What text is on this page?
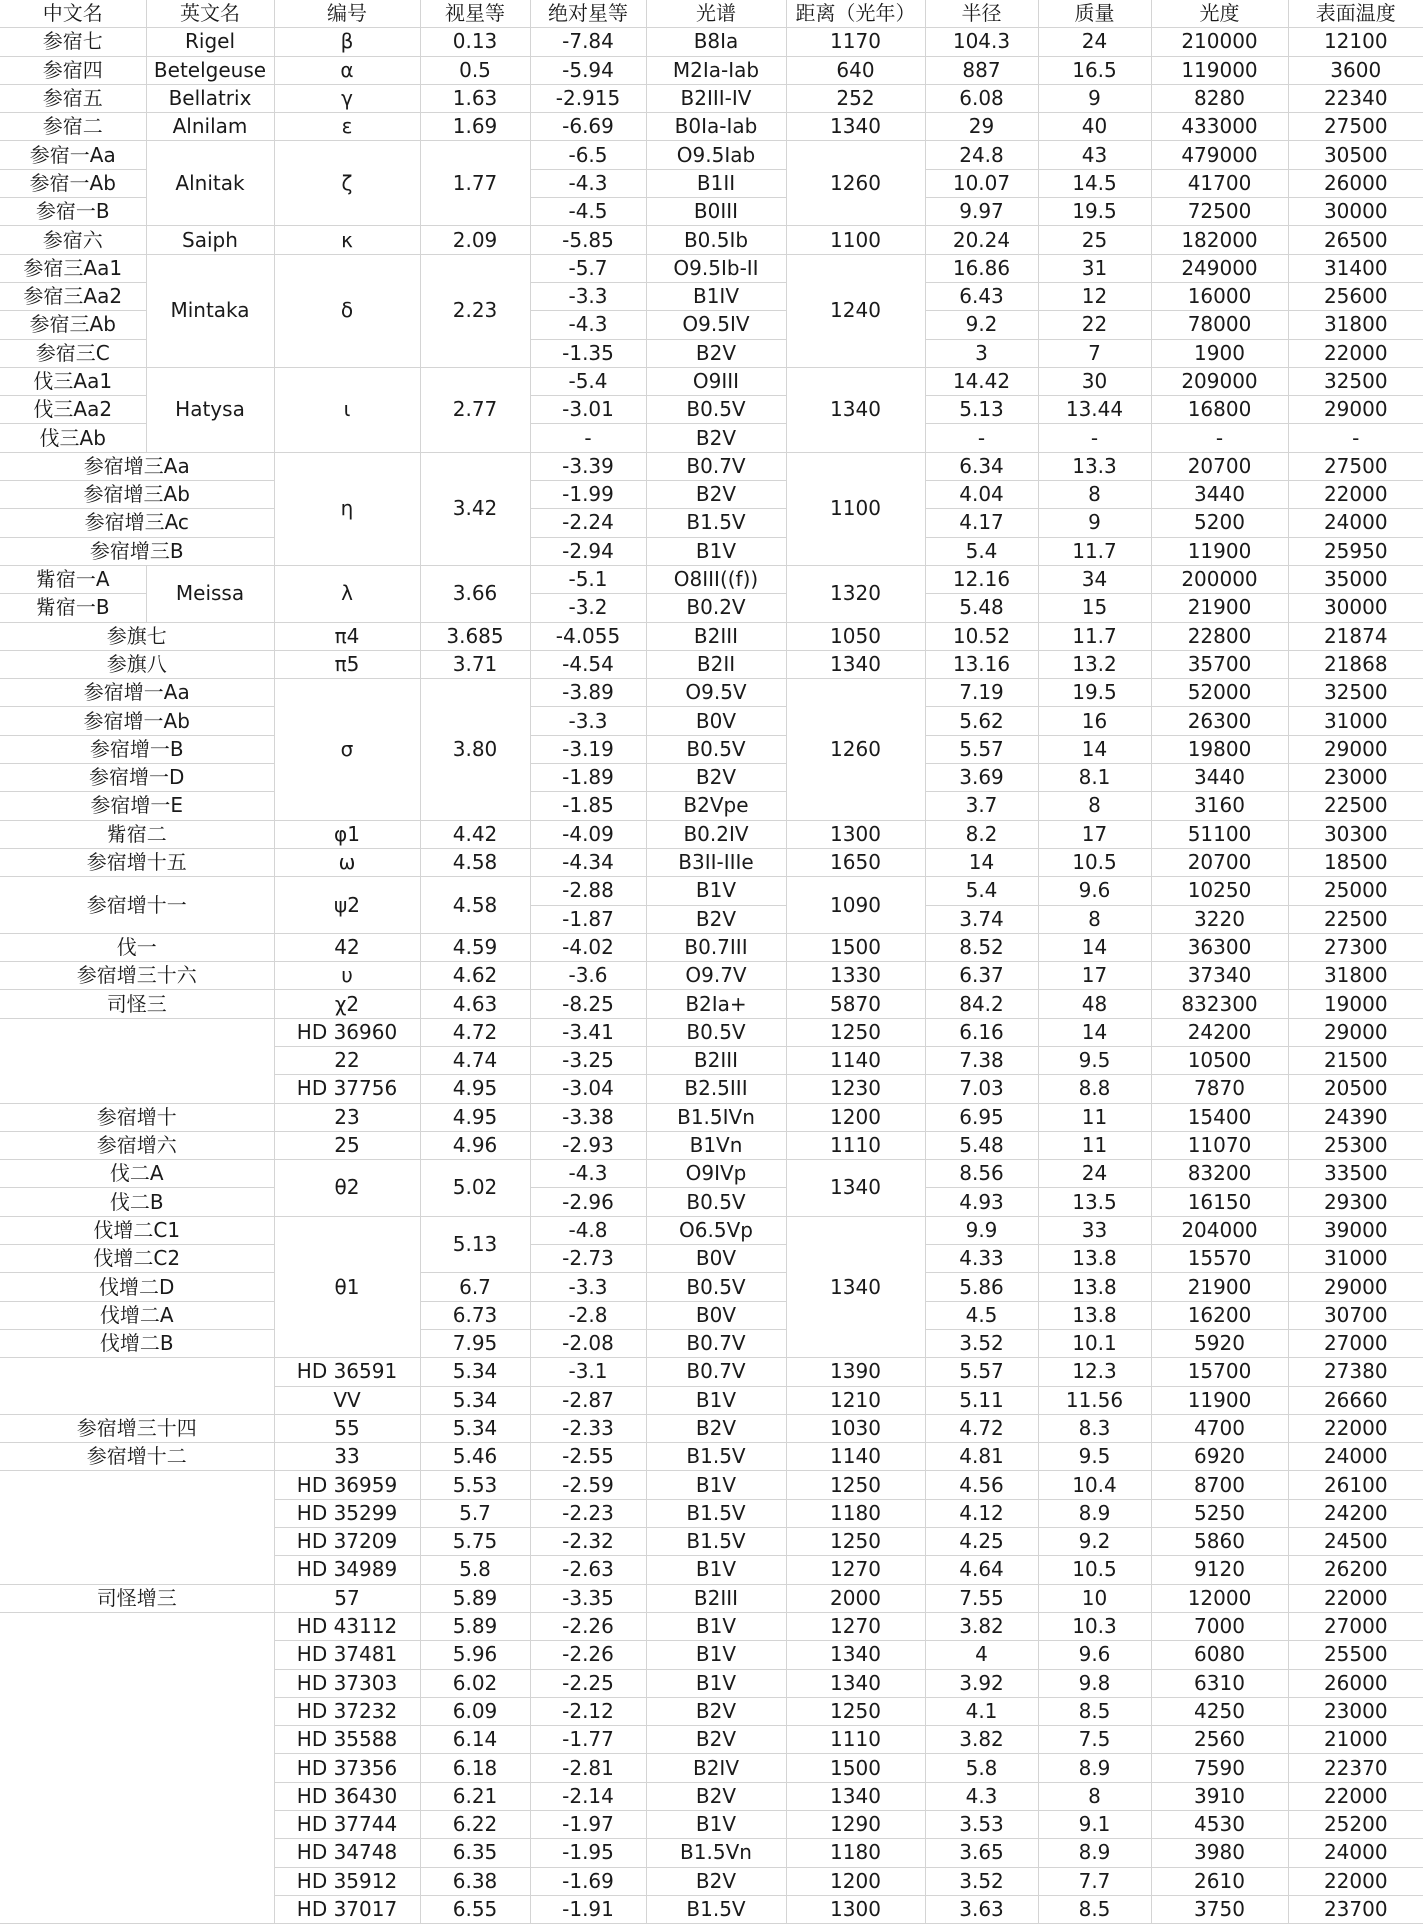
中文名	英文名	编号	视星等	绝对星等	光谱	距离（光年）	半径	质量	光度	表面温度
参宿七	Rigel	β	0.13	-7.84	B8Ia	1170	104.3	24	210000	12100
参宿四	Betelgeuse	α	0.5	-5.94	M2Ia-Iab	640	887	16.5	119000	3600
参宿五	Bellatrix	γ	1.63	-2.915	B2III-IV	252	6.08	9	8280	22340
参宿二	Alnilam	ε	1.69	-6.69	B0Ia-Iab	1340	29	40	433000	27500
参宿一Aa	Alnitak	ζ	1.77	-6.5	O9.5Iab	1260	24.8	43	479000	30500
参宿一Ab				-4.3	B1II		10.07	14.5	41700	26000
参宿一B				-4.5	B0III		9.97	19.5	72500	30000
参宿六	Saiph	κ	2.09	-5.85	B0.5Ib	1100	20.24	25	182000	26500
参宿三Aa1	Mintaka	δ	2.23	-5.7	O9.5Ib-II	1240	16.86	31	249000	31400
参宿三Aa2				-3.3	B1IV		6.43	12	16000	25600
参宿三Ab				-4.3	O9.5IV		9.2	22	78000	31800
参宿三C				-1.35	B2V		3	7	1900	22000
伐三Aa1	Hatysa	ι	2.77	-5.4	O9III	1340	14.42	30	209000	32500
伐三Aa2				-3.01	B0.5V		5.13	13.44	16800	29000
伐三Ab				-	B2V		-	-	-	-
参宿增三Aa		η	3.42	-3.39	B0.7V	1100	6.34	13.3	20700	27500
参宿增三Ab				-1.99	B2V		4.04	8	3440	22000
参宿增三Ac				-2.24	B1.5V		4.17	9	5200	24000
参宿增三B				-2.94	B1V		5.4	11.7	11900	25950
觜宿一A	Meissa	λ	3.66	-5.1	O8III((f))	1320	12.16	34	200000	35000
觜宿一B				-3.2	B0.2V		5.48	15	21900	30000
参旗七		π4	3.685	-4.055	B2III	1050	10.52	11.7	22800	21874
参旗八		π5	3.71	-4.54	B2II	1340	13.16	13.2	35700	21868
参宿增一Aa		σ	3.80	-3.89	O9.5V	1260	7.19	19.5	52000	32500
参宿增一Ab				-3.3	B0V		5.62	16	26300	31000
参宿增一B				-3.19	B0.5V		5.57	14	19800	29000
参宿增一D				-1.89	B2V		3.69	8.1	3440	23000
参宿增一E				-1.85	B2Vpe		3.7	8	3160	22500
觜宿二		φ1	4.42	-4.09	B0.2IV	1300	8.2	17	51100	30300
参宿增十五		ω	4.58	-4.34	B3II-IIIe	1650	14	10.5	20700	18500
参宿增十一		ψ2	4.58	-2.88	B1V	1090	5.4	9.6	10250	25000
				-1.87	B2V		3.74	8	3220	22500
伐一		42	4.59	-4.02	B0.7III	1500	8.52	14	36300	27300
参宿增三十六		υ	4.62	-3.6	O9.7V	1330	6.37	17	37340	31800
司怪三		χ2	4.63	-8.25	B2Ia+	5870	84.2	48	832300	19000
		HD 36960	4.72	-3.41	B0.5V	1250	6.16	14	24200	29000
		22	4.74	-3.25	B2III	1140	7.38	9.5	10500	21500
		HD 37756	4.95	-3.04	B2.5III	1230	7.03	8.8	7870	20500
参宿增十		23	4.95	-3.38	B1.5IVn	1200	6.95	11	15400	24390
参宿增六		25	4.96	-2.93	B1Vn	1110	5.48	11	11070	25300
伐二A		θ2	5.02	-4.3	O9IVp	1340	8.56	24	83200	33500
伐二B				-2.96	B0.5V		4.93	13.5	16150	29300
伐增二C1		θ1	5.13	-4.8	O6.5Vp	1340	9.9	33	204000	39000
伐增二C2				-2.73	B0V		4.33	13.8	15570	31000
伐增二D			6.7	-3.3	B0.5V		5.86	13.8	21900	29000
伐增二A			6.73	-2.8	B0V		4.5	13.8	16200	30700
伐增二B			7.95	-2.08	B0.7V		3.52	10.1	5920	27000
		HD 36591	5.34	-3.1	B0.7V	1390	5.57	12.3	15700	27380
		VV	5.34	-2.87	B1V	1210	5.11	11.56	11900	26660
参宿增三十四		55	5.34	-2.33	B2V	1030	4.72	8.3	4700	22000
参宿增十二		33	5.46	-2.55	B1.5V	1140	4.81	9.5	6920	24000
		HD 36959	5.53	-2.59	B1V	1250	4.56	10.4	8700	26100
		HD 35299	5.7	-2.23	B1.5V	1180	4.12	8.9	5250	24200
		HD 37209	5.75	-2.32	B1.5V	1250	4.25	9.2	5860	24500
		HD 34989	5.8	-2.63	B1V	1270	4.64	10.5	9120	26200
司怪增三		57	5.89	-3.35	B2III	2000	7.55	10	12000	22000
		HD 43112	5.89	-2.26	B1V	1270	3.82	10.3	7000	27000
		HD 37481	5.96	-2.26	B1V	1340	4	9.6	6080	25500
		HD 37303	6.02	-2.25	B1V	1340	3.92	9.8	6310	26000
		HD 37232	6.09	-2.12	B2V	1250	4.1	8.5	4250	23000
		HD 35588	6.14	-1.77	B2V	1110	3.82	7.5	2560	21000
		HD 37356	6.18	-2.81	B2IV	1500	5.8	8.9	7590	22370
		HD 36430	6.21	-2.14	B2V	1340	4.3	8	3910	22000
		HD 37744	6.22	-1.97	B1V	1290	3.53	9.1	4530	25200
		HD 34748	6.35	-1.95	B1.5Vn	1180	3.65	8.9	3980	24000
		HD 35912	6.38	-1.69	B2V	1200	3.52	7.7	2610	22000
		HD 37017	6.55	-1.91	B1.5V	1300	3.63	8.5	3750	23700
